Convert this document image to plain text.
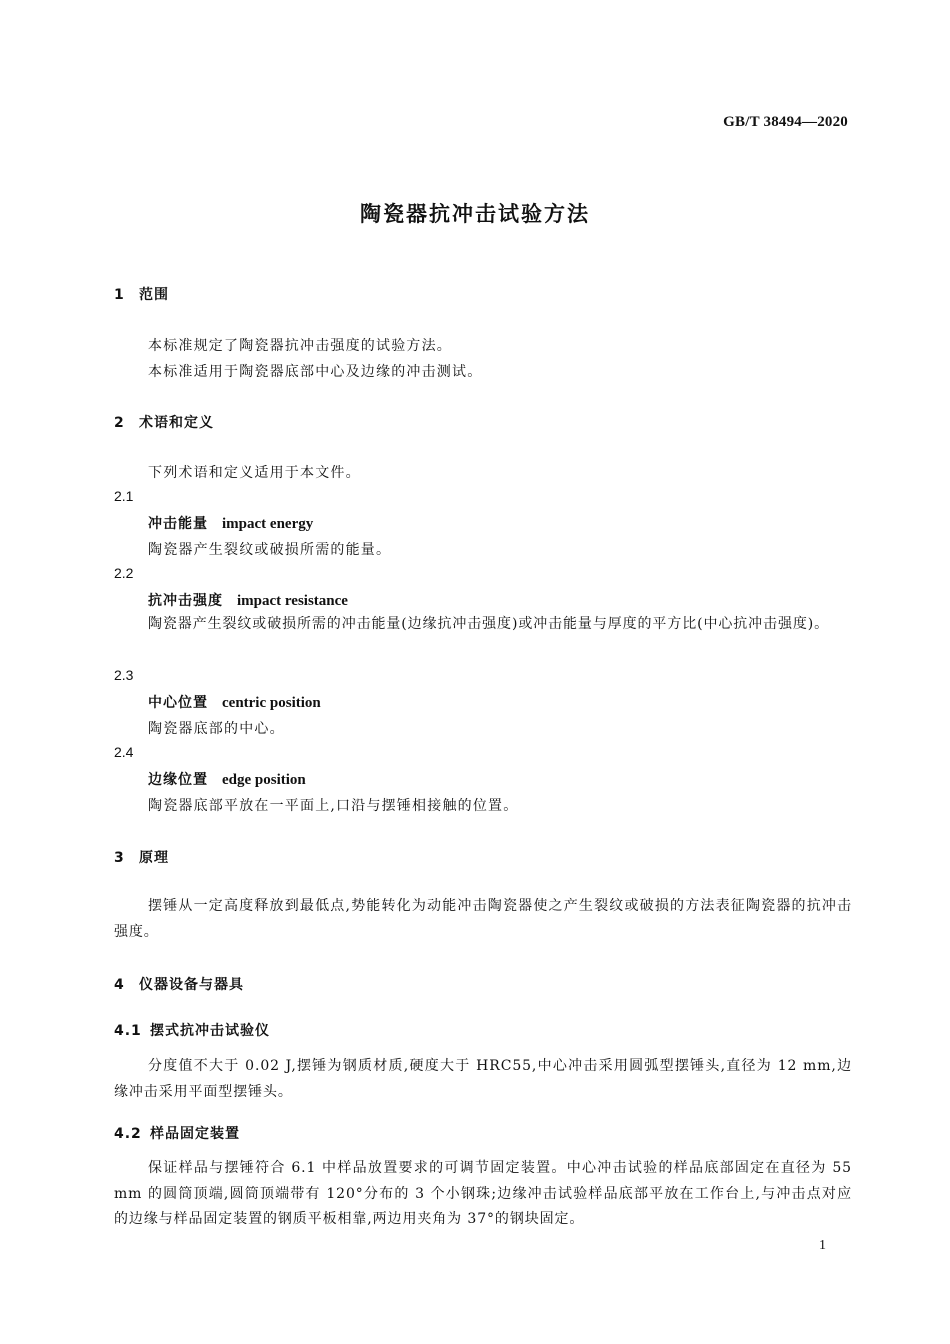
GB/T 38494—2020
陶瓷器抗冲击试验方法
1 范围
本标准规定了陶瓷器抗冲击强度的试验方法。
本标准适用于陶瓷器底部中心及边缘的冲击测试。
2 术语和定义
下列术语和定义适用于本文件。
2.1
冲击能量 impact energy
陶瓷器产生裂纹或破损所需的能量。
2.2
抗冲击强度 impact resistance
陶瓷器产生裂纹或破损所需的冲击能量(边缘抗冲击强度)或冲击能量与厚度的平方比(中心抗冲击强度)。
2.3
中心位置 centric position
陶瓷器底部的中心。
2.4
边缘位置 edge position
陶瓷器底部平放在一平面上,口沿与摆锤相接触的位置。
3 原理
摆锤从一定高度释放到最低点,势能转化为动能冲击陶瓷器使之产生裂纹或破损的方法表征陶瓷器的抗冲击强度。
4 仪器设备与器具
4.1 摆式抗冲击试验仪
分度值不大于 0.02 J,摆锤为钢质材质,硬度大于 HRC55,中心冲击采用圆弧型摆锤头,直径为 12 mm,边缘冲击采用平面型摆锤头。
4.2 样品固定装置
保证样品与摆锤符合 6.1 中样品放置要求的可调节固定装置。中心冲击试验的样品底部固定在直径为 55 mm 的圆筒顶端,圆筒顶端带有 120°分布的 3 个小钢珠;边缘冲击试验样品底部平放在工作台上,与冲击点对应的边缘与样品固定装置的钢质平板相靠,两边用夹角为 37°的钢块固定。
1
